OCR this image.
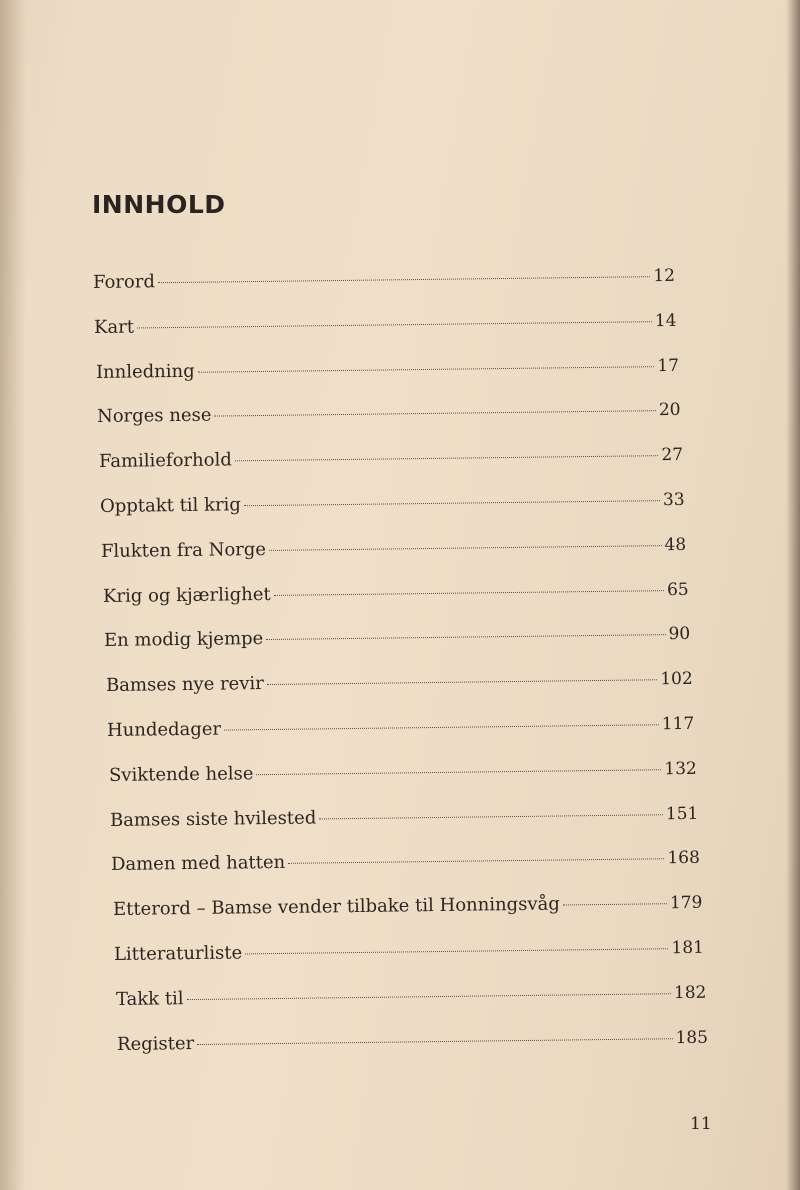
INNHOLD
Forord	12
Kart	14
Innledning	17
Norges nese	20
Familieforhold	27
Opptakt til krig	33
Flukten fra Norge	48
Krig og kjærlighet	65
En modig kjempe	90
Bamses nye revir	102
Hundedager	117
Sviktende helse	132
Bamses siste hvilested	151
Damen med hatten	168
Etterord – Bamse vender tilbake til Honningsvåg	179
Litteraturliste	181
Takk til	182
Register	185
11
